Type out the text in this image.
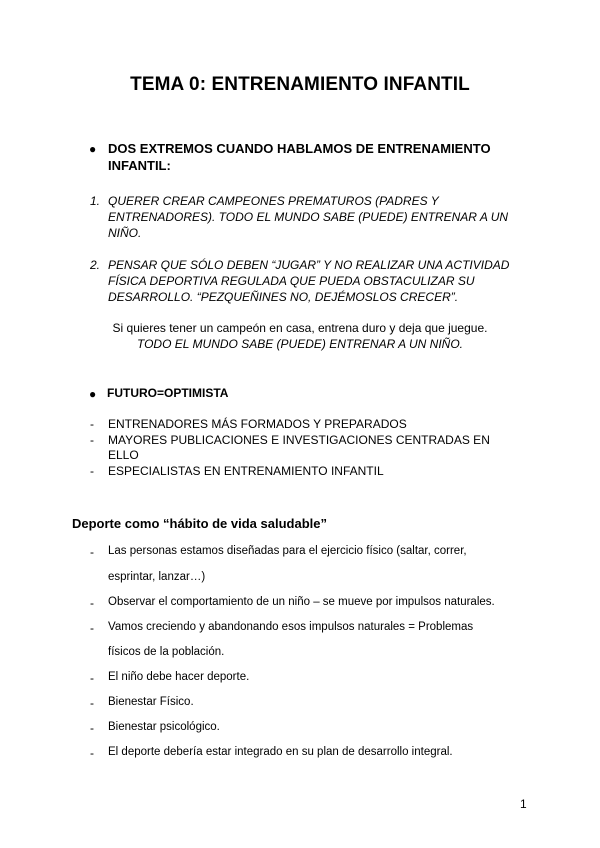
TEMA 0: ENTRENAMIENTO INFANTIL
● DOS EXTREMOS CUANDO HABLAMOS DE ENTRENAMIENTO
INFANTIL:
1. QUERER CREAR CAMPEONES PREMATUROS (PADRES Y
ENTRENADORES). TODO EL MUNDO SABE (PUEDE) ENTRENAR A UN
NIÑO.
2. PENSAR QUE SÓLO DEBEN “JUGAR” Y NO REALIZAR UNA ACTIVIDAD
FÍSICA DEPORTIVA REGULADA QUE PUEDA OBSTACULIZAR SU
DESARROLLO. “PEZQUEÑINES NO, DEJÉMOSLOS CRECER”.
Si quieres tener un campeón en casa, entrena duro y deja que juegue.
TODO EL MUNDO SABE (PUEDE) ENTRENAR A UN NIÑO.
● FUTURO=OPTIMISTA
- ENTRENADORES MÁS FORMADOS Y PREPARADOS
- MAYORES PUBLICACIONES E INVESTIGACIONES CENTRADAS EN
ELLO
- ESPECIALISTAS EN ENTRENAMIENTO INFANTIL
Deporte como “hábito de vida saludable”
- Las personas estamos diseñadas para el ejercicio físico (saltar, correr,
esprintar, lanzar…)
- Observar el comportamiento de un niño – se mueve por impulsos naturales.
- Vamos creciendo y abandonando esos impulsos naturales = Problemas
físicos de la población.
- El niño debe hacer deporte.
- Bienestar Físico.
- Bienestar psicológico.
- El deporte debería estar integrado en su plan de desarrollo integral.
1
